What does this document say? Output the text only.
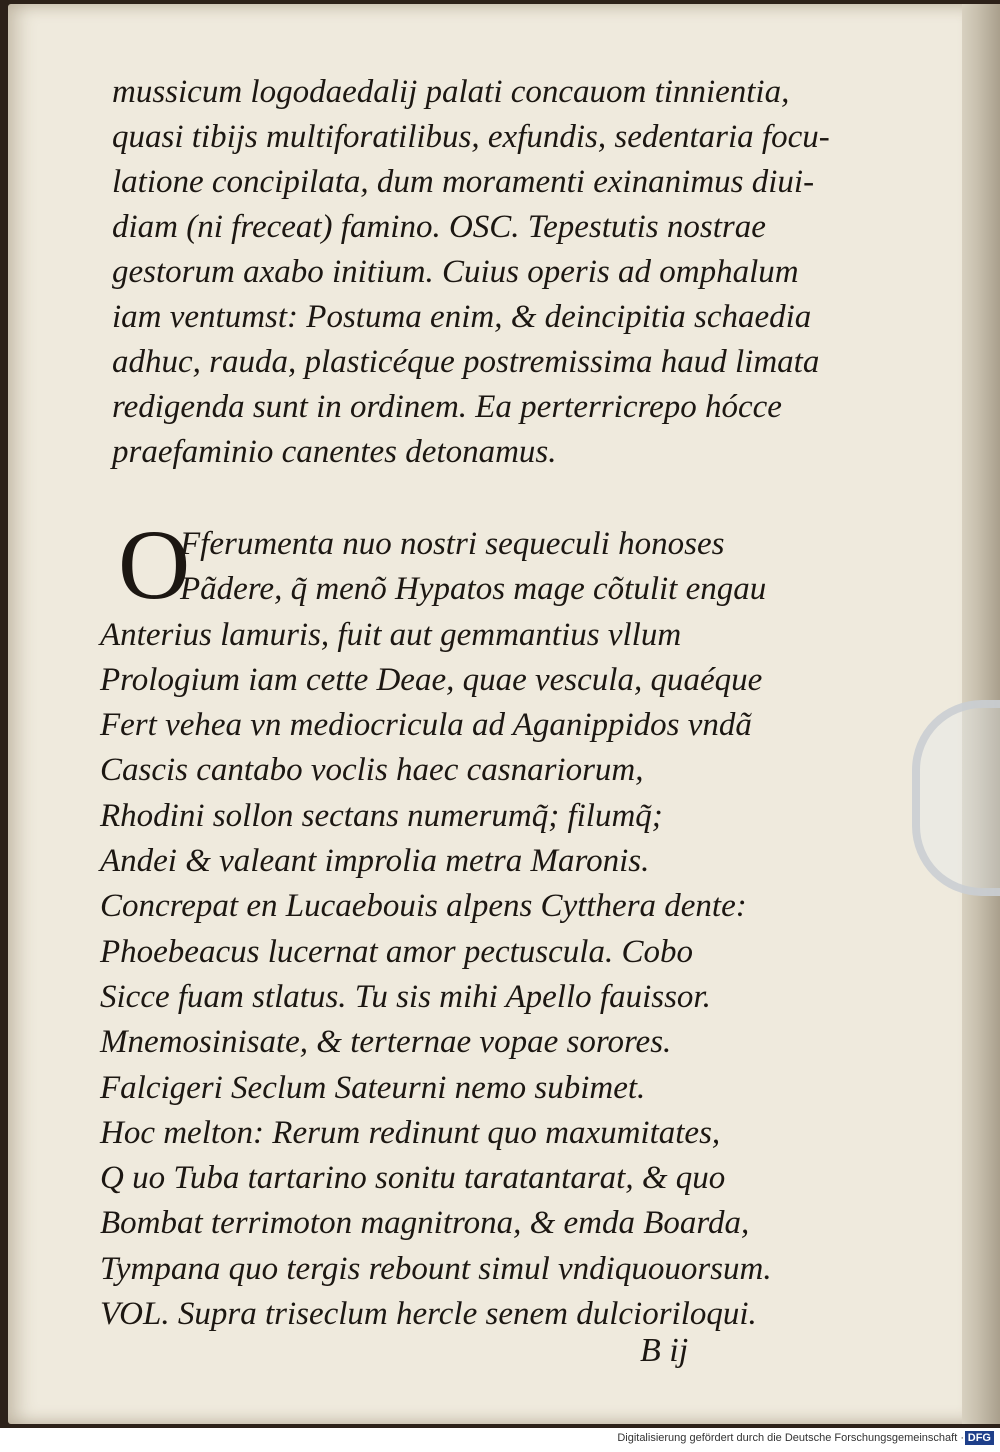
mussicum logodaedalij palati concauom tinnientia,
quasi tibijs multiforatilibus, exfundis, sedentaria focu-
latione concipilata, dum moramenti exinanimus diui-
diam (ni freceat) famino. OSC. Tepestutis nostrae
gestorum axabo initium. Cuius operis ad omphalum
iam ventumst: Postuma enim, & deincipitia schaedia
adhuc, rauda, plasticéque postremissima haud limata
redigenda sunt in ordinem. Ea perterricrepo hócce
praefaminio canentes detonamus.
O
Fferumenta nuo nostri sequeculi honoses
Pãdere, q̃ menõ Hypatos mage cõtulit engau
Anterius lamuris, fuit aut gemmantius vllum
Prologium iam cette Deae, quae vescula, quaéque
Fert vehea vn mediocricula ad Aganippidos vndã
Cascis cantabo voclis haec casnariorum,
Rhodini sollon sectans numerumq̃; filumq̃;
Andei & valeant improlia metra Maronis.
Concrepat en Lucaebouis alpens Cytthera dente:
Phoebeacus lucernat amor pectuscula. Cobo
Sicce fuam stlatus. Tu sis mihi Apello fauissor.
Mnemosinisate, & terternae vopae sorores.
Falcigeri Seclum Sateurni nemo subimet.
Hoc melton: Rerum redinunt quo maxumitates,
Q uo Tuba tartarino sonitu taratantarat, & quo
Bombat terrimoton magnitrona, & emda Boarda,
Tympana quo tergis rebount simul vndiquouorsum.
VOL. Supra triseclum hercle senem dulcioriloqui.
B ij
Digitalisierung gefördert durch die Deutsche Forschungsgemeinschaft · DFG
